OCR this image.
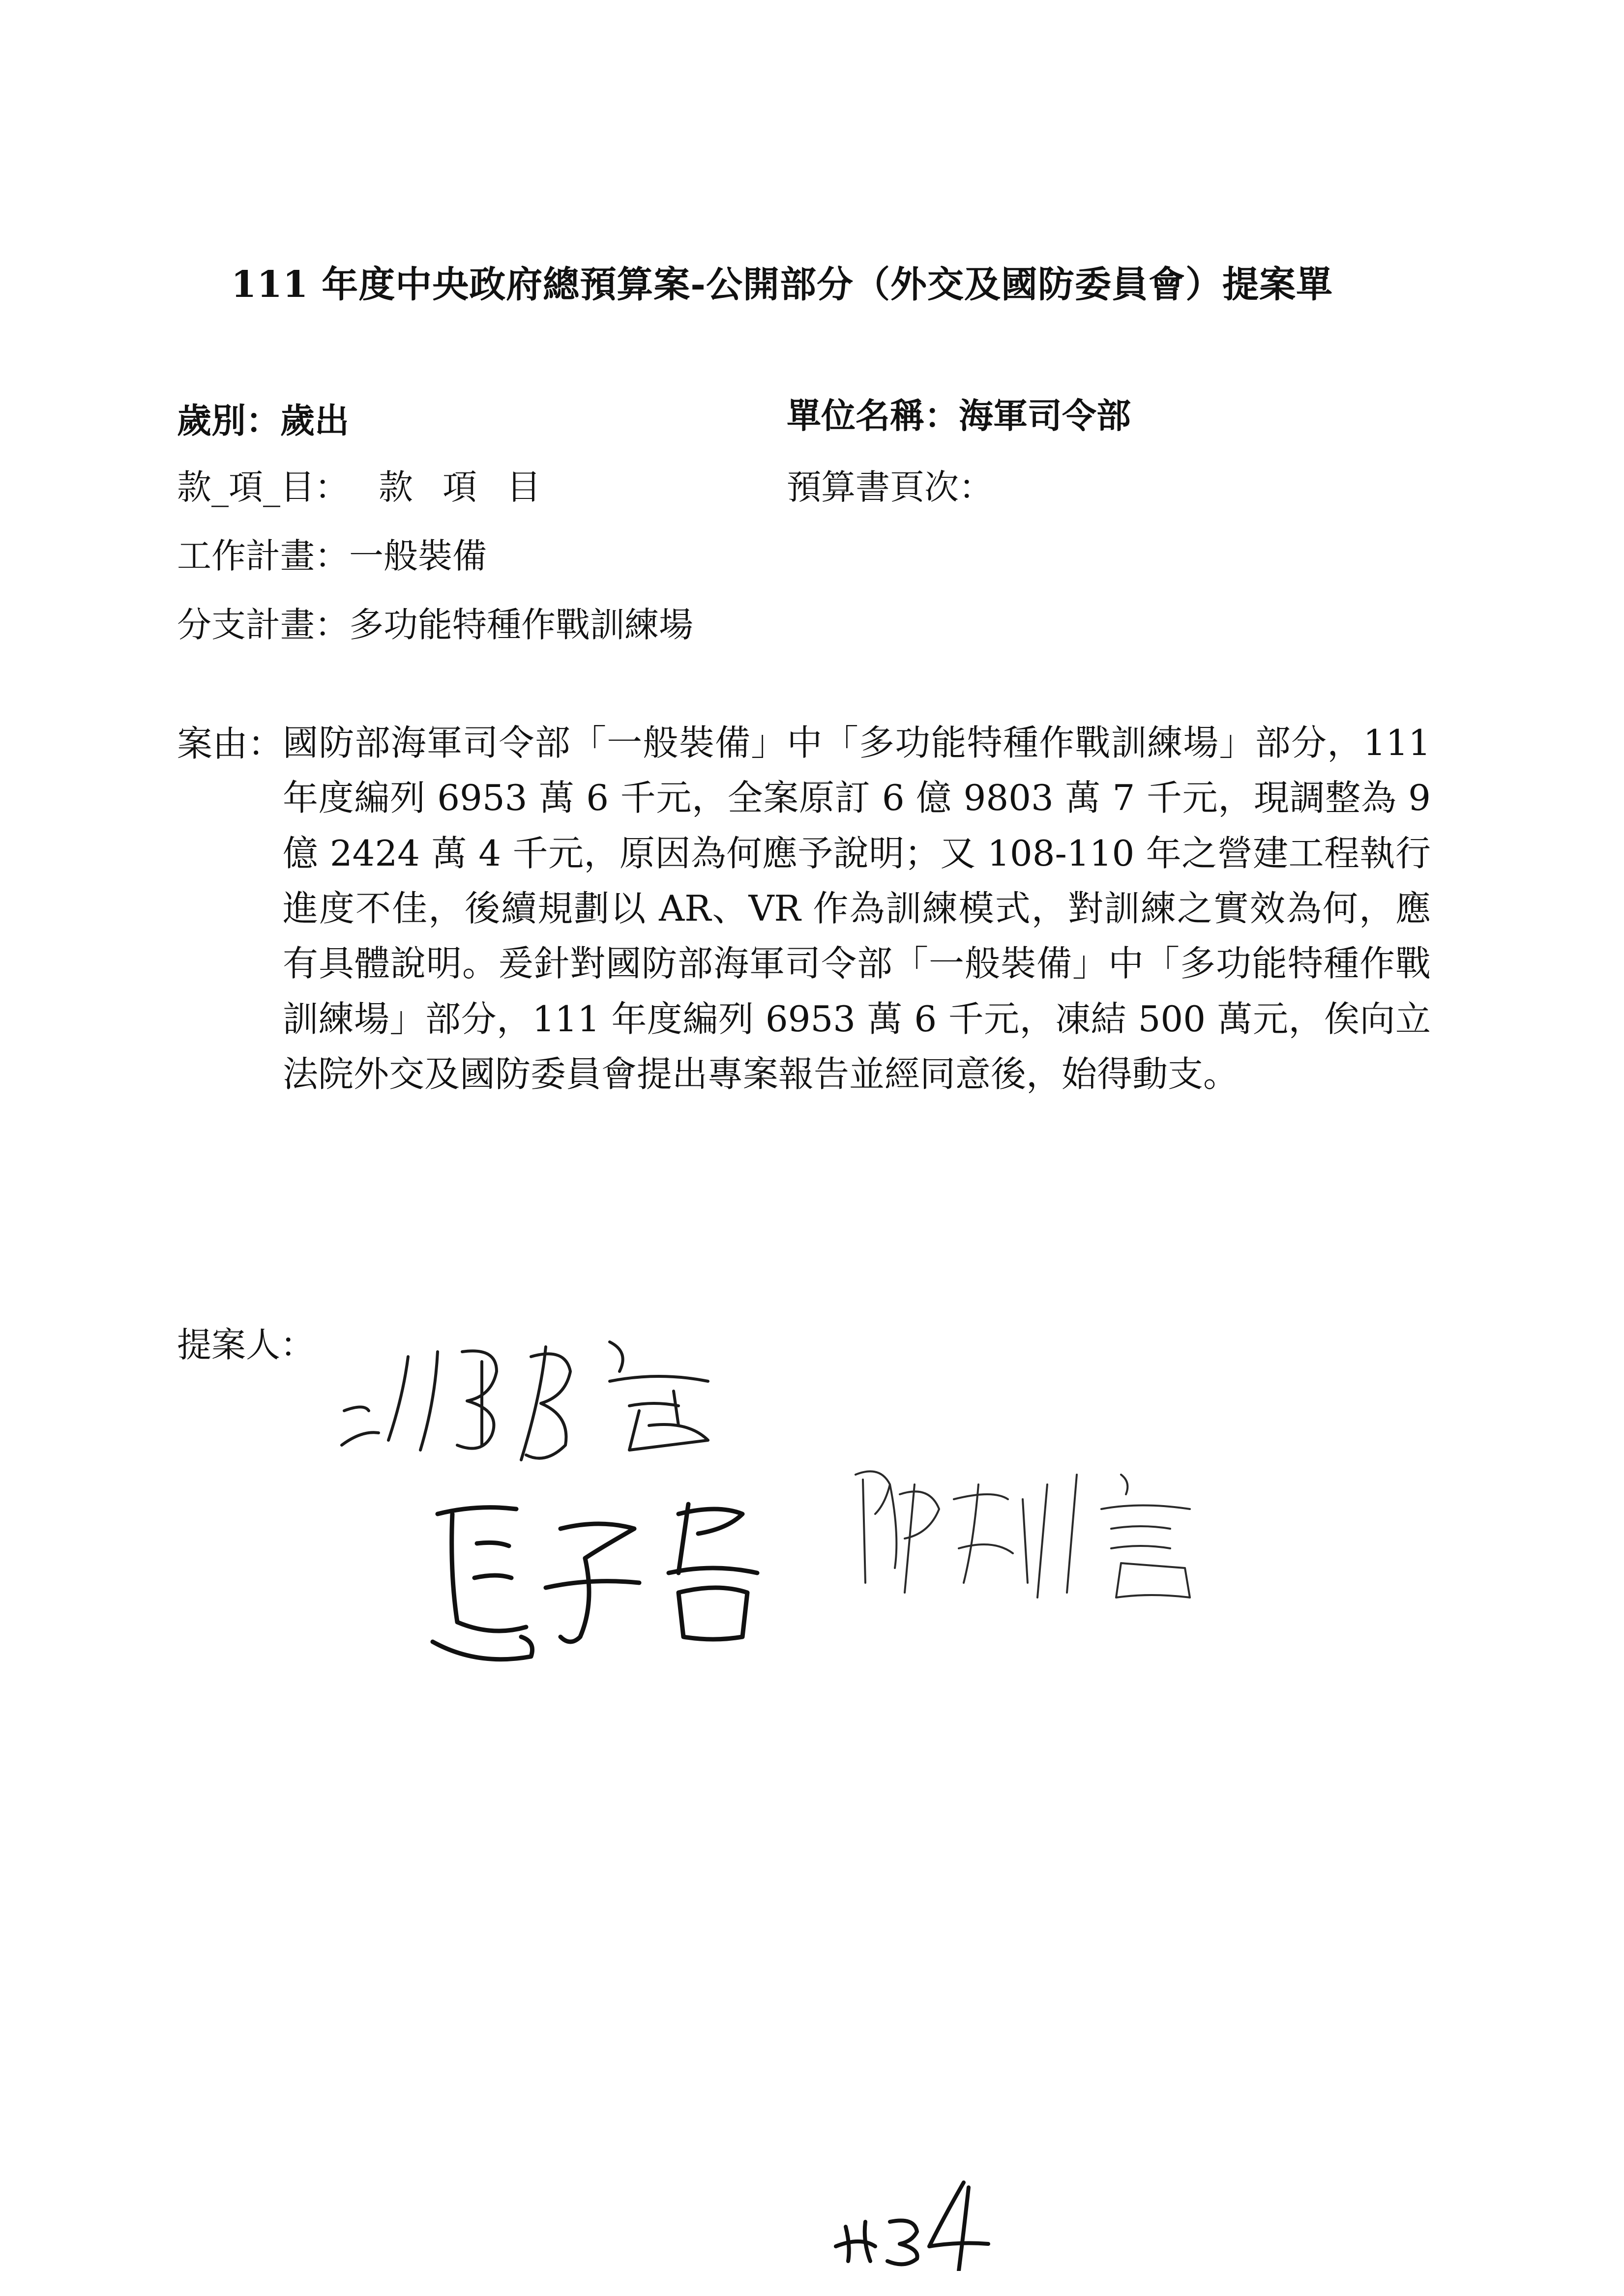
111 年度中央政府總預算案-公開部分（外交及國防委員會）提案單
歲別：歲出	單位名稱：海軍司令部
款_項_目： 款項目	預算書頁次：
工作計畫：一般裝備
分支計畫：多功能特種作戰訓練場
案由：
國防部海軍司令部「一般裝備」中「多功能特種作戰訓練場」部分，111 年度編列 6953 萬 6 千元，全案原訂 6 億 9803 萬 7 千元，現調整為 9 億 2424 萬 4 千元，原因為何應予說明；又 108-110 年之營建工程執行進度不佳，後續規劃以 AR、VR 作為訓練模式，對訓練之實效為何，應有具體說明。爰針對國防部海軍司令部「一般裝備」中「多功能特種作戰訓練場」部分，111 年度編列 6953 萬 6 千元，凍結 500 萬元，俟向立法院外交及國防委員會提出專案報告並經同意後，始得動支。
提案人：
